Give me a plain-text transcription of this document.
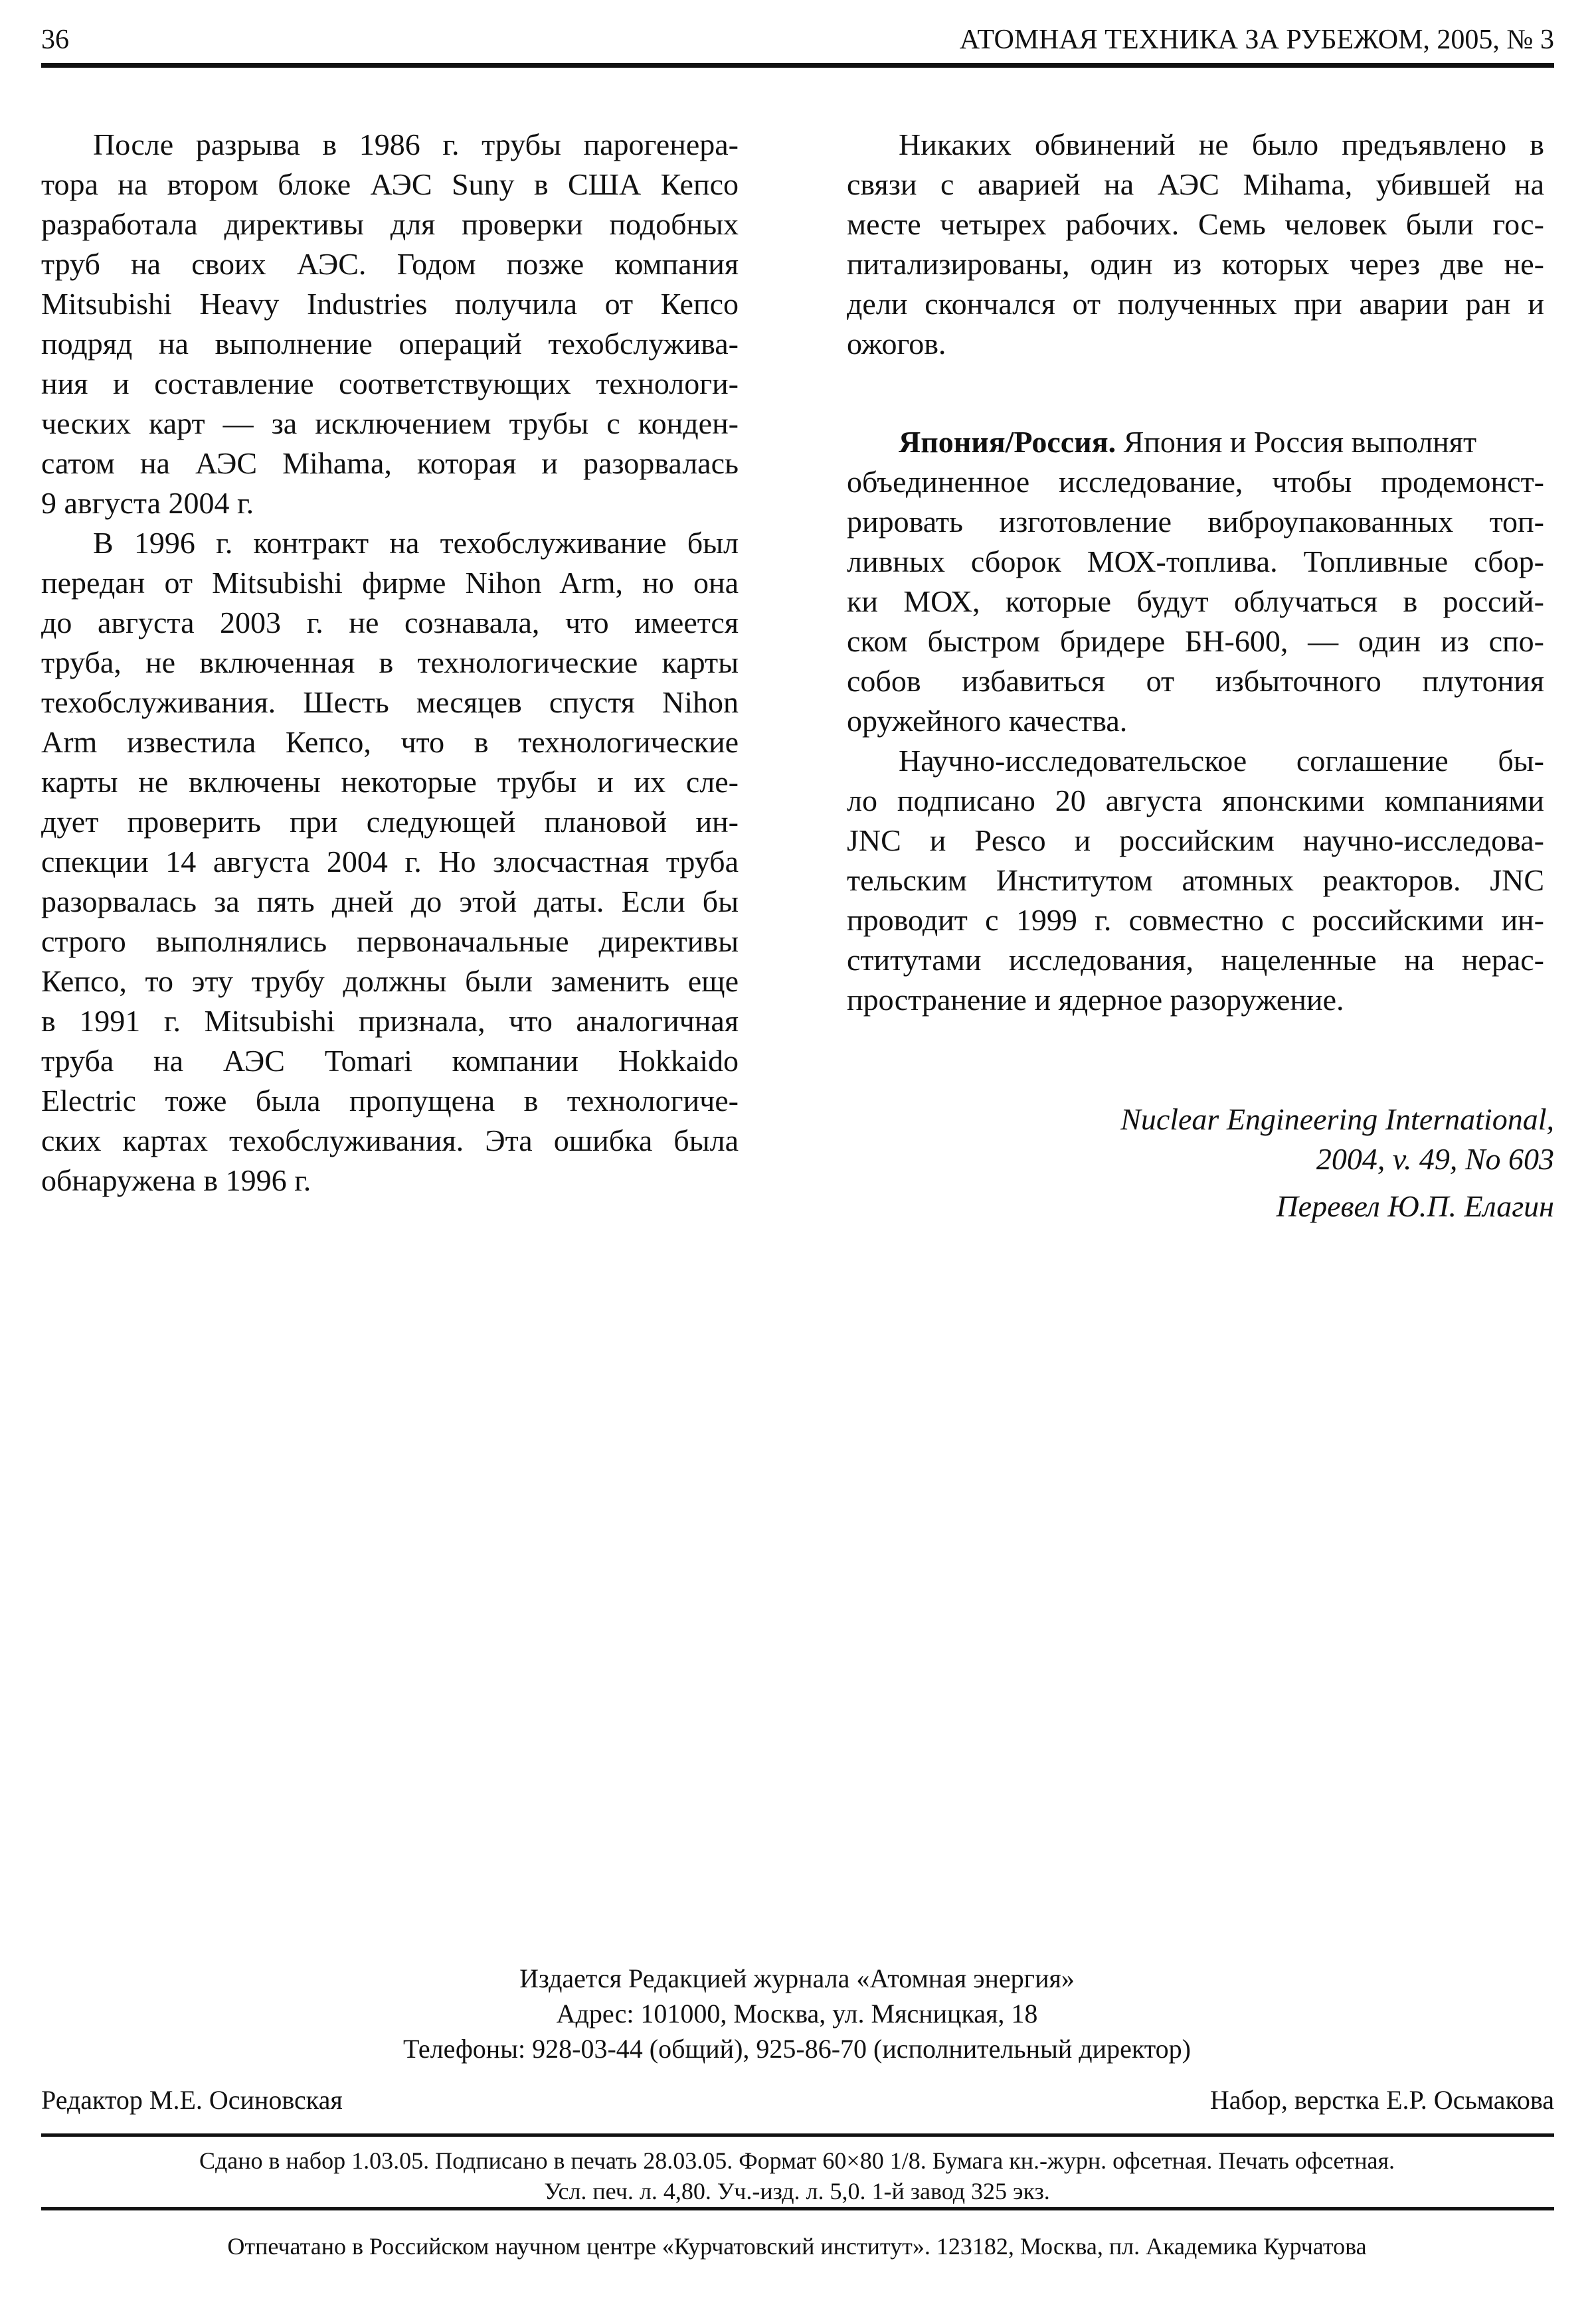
36	АТОМНАЯ ТЕХНИКА ЗА РУБЕЖОМ, 2005, № 3
После разрыва в 1986 г. трубы парогенера-
тора на втором блоке АЭС Suny в США Кепсо
разработала директивы для проверки подобных
труб на своих АЭС. Годом позже компания
Mitsubishi Heavy Industries получила от Кепсо
подряд на выполнение операций техобслужива-
ния и составление соответствующих технологи-
ческих карт — за исключением трубы с конден-
сатом на АЭС Mihama, которая и разорвалась
9 августа 2004 г.
В 1996 г. контракт на техобслуживание был
передан от Mitsubishi фирме Nihon Arm, но она
до августа 2003 г. не сознавала, что имеется
труба, не включенная в технологические карты
техобслуживания. Шесть месяцев спустя Nihon
Arm известила Кепсо, что в технологические
карты не включены некоторые трубы и их сле-
дует проверить при следующей плановой ин-
спекции 14 августа 2004 г. Но злосчастная труба
разорвалась за пять дней до этой даты. Если бы
строго выполнялись первоначальные директивы
Кепсо, то эту трубу должны были заменить еще
в 1991 г. Mitsubishi признала, что аналогичная
труба на АЭС Tomari компании Hokkaido
Electric тоже была пропущена в технологиче-
ских картах техобслуживания. Эта ошибка была
обнаружена в 1996 г.
Никаких обвинений не было предъявлено в
связи с аварией на АЭС Mihama, убившей на
месте четырех рабочих. Семь человек были гос-
питализированы, один из которых через две не-
дели скончался от полученных при аварии ран и
ожогов.
Япония/Россия. Япония и Россия выполнят
объединенное исследование, чтобы продемонст-
рировать изготовление виброупакованных топ-
ливных сборок МОХ-топлива. Топливные сбор-
ки МОХ, которые будут облучаться в россий-
ском быстром бридере БН-600, — один из спо-
собов избавиться от избыточного плутония
оружейного качества.
Научно-исследовательское соглашение бы-
ло подписано 20 августа японскими компаниями
JNC и Pesco и российским научно-исследова-
тельским Институтом атомных реакторов. JNC
проводит с 1999 г. совместно с российскими ин-
ститутами исследования, нацеленные на нерас-
пространение и ядерное разоружение.
Nuclear Engineering International,
2004, v. 49, No 603
Перевел Ю.П. Елагин
Издается Редакцией журнала «Атомная энергия»
Адрес: 101000, Москва, ул. Мясницкая, 18
Телефоны: 928-03-44 (общий), 925-86-70 (исполнительный директор)
Редактор М.Е. Осиновская	Набор, верстка Е.Р. Осьмакова
Сдано в набор 1.03.05. Подписано в печать 28.03.05. Формат 60×80 1/8. Бумага кн.-журн. офсетная. Печать офсетная.
Усл. печ. л. 4,80. Уч.-изд. л. 5,0. 1-й завод 325 экз.
Отпечатано в Российском научном центре «Курчатовский институт». 123182, Москва, пл. Академика Курчатова
